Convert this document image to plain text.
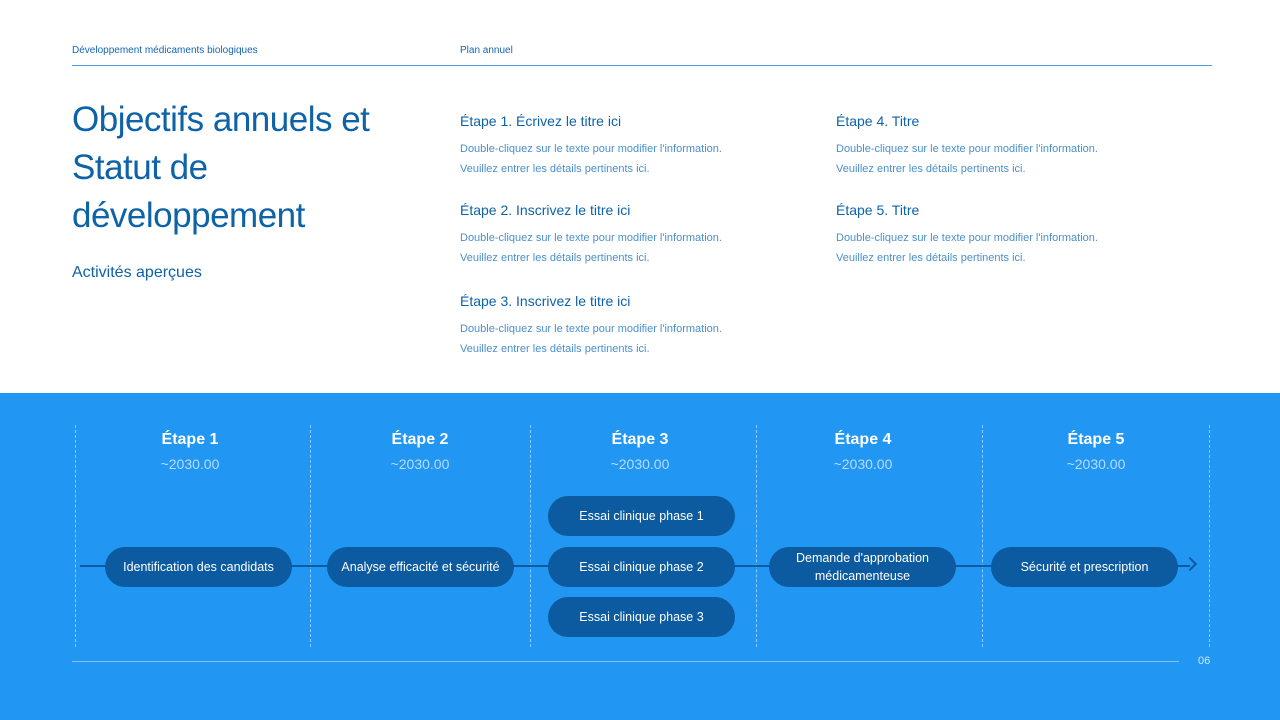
Développement médicaments biologiques	Plan annuel
Objectifs annuels et Statut de développement
Activités aperçues
Étape 1. Écrivez le titre ici

Double-cliquez sur le texte pour modifier l'information.

Veuillez entrer les détails pertinents ici.

Étape 2. Inscrivez le titre ici

Double-cliquez sur le texte pour modifier l'information.

Veuillez entrer les détails pertinents ici.

Étape 3. Inscrivez le titre ici

Double-cliquez sur le texte pour modifier l'information.

Veuillez entrer les détails pertinents ici.

Étape 4. Titre

Double-cliquez sur le texte pour modifier l'information.

Veuillez entrer les détails pertinents ici.

Étape 5. Titre

Double-cliquez sur le texte pour modifier l'information.

Veuillez entrer les détails pertinents ici.

Étape 1
~2030.00
Étape 2
~2030.00
Étape 3
~2030.00
Étape 4
~2030.00
Étape 5
~2030.00
Identification des candidats	Analyse efficacité et sécurité
Essai clinique phase 1
Essai clinique phase 2
Essai clinique phase 3
Demande d'approbation médicamenteuse
Sécurité et prescription
06
